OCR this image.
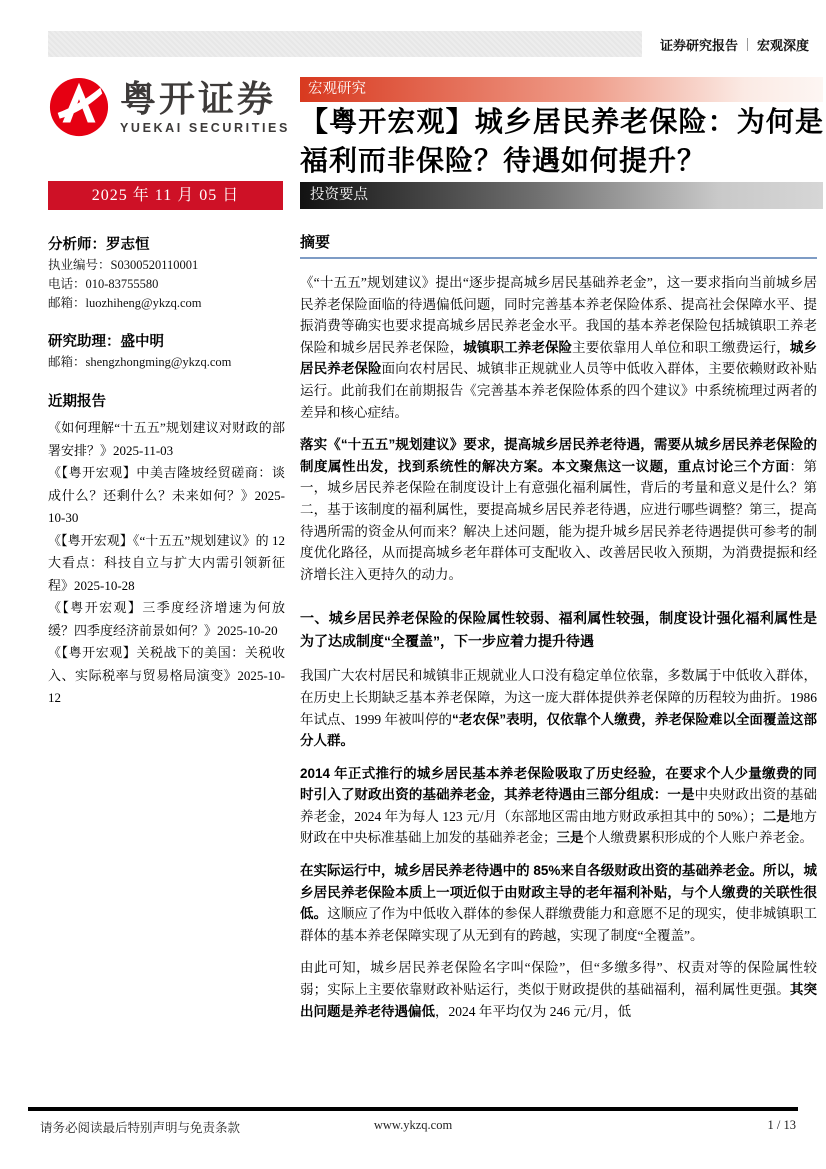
证券研究报告 宏观深度
粤开证券
YUEKAI SECURITIES
宏观研究
【粤开宏观】城乡居民养老保险：为何是福利而非保险？待遇如何提升？
投资要点
2025 年 11 月 05 日
分析师：罗志恒
执业编号：S0300520110001
电话：010-83755580
邮箱：luozhiheng@ykzq.com
研究助理：盛中明
邮箱：shengzhongming@ykzq.com
近期报告
《如何理解“十五五”规划建议对财政的部署安排？》2025-11-03
《【粤开宏观】中美吉隆坡经贸磋商：谈成什么？还剩什么？未来如何？》2025-10-30
《【粤开宏观】《“十五五”规划建议》的 12 大看点：科技自立与扩大内需引领新征程》2025-10-28
《【粤开宏观】三季度经济增速为何放缓？四季度经济前景如何？》2025-10-20
《【粤开宏观】关税战下的美国：关税收入、实际税率与贸易格局演变》2025-10-12
摘要

《“十五五”规划建议》提出“逐步提高城乡居民基础养老金”，这一要求指向当前城乡居民养老保险面临的待遇偏低问题，同时完善基本养老保险体系、提高社会保障水平、提振消费等确实也要求提高城乡居民养老金水平。我国的基本养老保险包括城镇职工养老保险和城乡居民养老保险，城镇职工养老保险主要依靠用人单位和职工缴费运行，城乡居民养老保险面向农村居民、城镇非正规就业人员等中低收入群体，主要依赖财政补贴运行。此前我们在前期报告《完善基本养老保险体系的四个建议》中系统梳理过两者的差异和核心症结。

落实《“十五五”规划建议》要求，提高城乡居民养老待遇，需要从城乡居民养老保险的制度属性出发，找到系统性的解决方案。本文聚焦这一议题，重点讨论三个方面：第一，城乡居民养老保险在制度设计上有意强化福利属性，背后的考量和意义是什么？第二，基于该制度的福利属性，要提高城乡居民养老待遇，应进行哪些调整？第三，提高待遇所需的资金从何而来？解决上述问题，能为提升城乡居民养老待遇提供可参考的制度优化路径，从而提高城乡老年群体可支配收入、改善居民收入预期，为消费提振和经济增长注入更持久的动力。

一、城乡居民养老保险的保险属性较弱、福利属性较强，制度设计强化福利属性是为了达成制度“全覆盖”，下一步应着力提升待遇

我国广大农村居民和城镇非正规就业人口没有稳定单位依靠，多数属于中低收入群体，在历史上长期缺乏基本养老保障，为这一庞大群体提供养老保障的历程较为曲折。1986 年试点、1999 年被叫停的“老农保”表明，仅依靠个人缴费，养老保险难以全面覆盖这部分人群。

2014 年正式推行的城乡居民基本养老保险吸取了历史经验，在要求个人少量缴费的同时引入了财政出资的基础养老金，其养老待遇由三部分组成：一是中央财政出资的基础养老金，2024 年为每人 123 元/月（东部地区需由地方财政承担其中的 50%）；二是地方财政在中央标准基础上加发的基础养老金；三是个人缴费累积形成的个人账户养老金。

在实际运行中，城乡居民养老待遇中的 85%来自各级财政出资的基础养老金。所以，城乡居民养老保险本质上一项近似于由财政主导的老年福利补贴，与个人缴费的关联性很低。这顺应了作为中低收入群体的参保人群缴费能力和意愿不足的现实，使非城镇职工群体的基本养老保障实现了从无到有的跨越，实现了制度“全覆盖”。

由此可知，城乡居民养老保险名字叫“保险”，但“多缴多得”、权责对等的保险属性较弱；实际上主要依靠财政补贴运行，类似于财政提供的基础福利，福利属性更强。其突出问题是养老待遇偏低，2024 年平均仅为 246 元/月，低

请务必阅读最后特别声明与免责条款	www.ykzq.com	1 / 13
